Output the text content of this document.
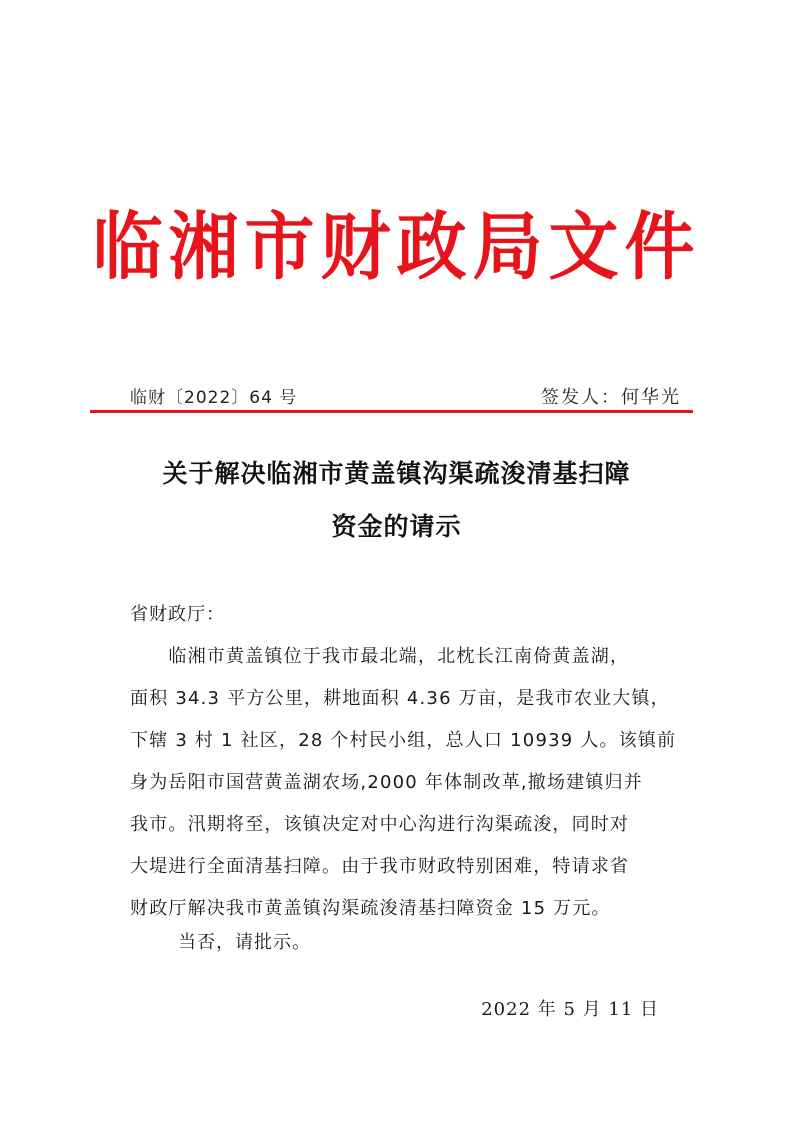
临湘市财政局文件
临财〔2022〕64 号	签发人：何华光
关于解决临湘市黄盖镇沟渠疏浚清基扫障
资金的请示
省财政厅：
　　临湘市黄盖镇位于我市最北端，北枕长江南倚黄盖湖，
面积 34.3 平方公里，耕地面积 4.36 万亩，是我市农业大镇，
下辖 3 村 1 社区，28 个村民小组，总人口 10939 人。该镇前
身为岳阳市国营黄盖湖农场,2000 年体制改革,撤场建镇归并
我市。汛期将至，该镇决定对中心沟进行沟渠疏浚，同时对
大堤进行全面清基扫障。由于我市财政特别困难，特请求省
财政厅解决我市黄盖镇沟渠疏浚清基扫障资金 15 万元。
当否，请批示。
2022 年 5 月 11 日
